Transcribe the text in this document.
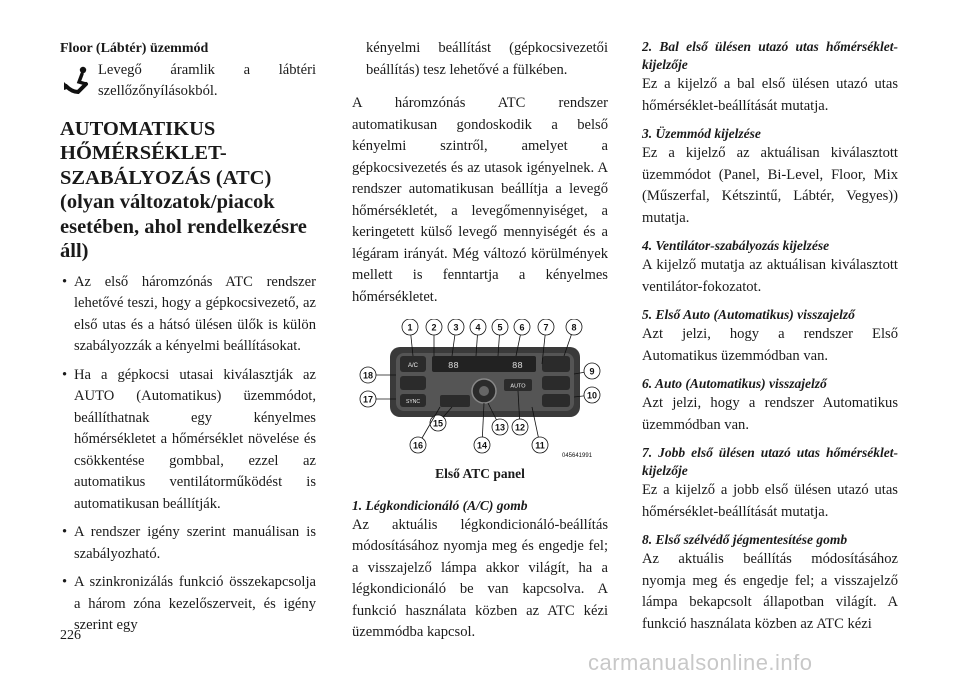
Floor (Lábtér) üzemmód
Levegő áramlik a lábtéri szellőzőnyílásokból.
AUTOMATIKUS HŐMÉRSÉKLET-SZABÁLYOZÁS (ATC) (olyan változatok/piacok esetében, ahol rendelkezésre áll)
• Az első háromzónás ATC rendszer lehetővé teszi, hogy a gépkocsivezető, az első utas és a hátsó ülésen ülők is külön szabályozzák a kényelmi beállításokat.
• Ha a gépkocsi utasai kiválasztják az AUTO (Automatikus) üzemmódot, beállíthatnak egy kényelmes hőmérsékletet a hőmérséklet növelése és csökkentése gombbal, ezzel az automatikus ventilátorműködést is automatikusan beállítják.
• A rendszer igény szerint manuálisan is szabályozható.
• A szinkronizálás funkció összekapcsolja a három zóna kezelőszerveit, és igény szerint egy
kényelmi beállítást (gépkocsivezetői beállítás) tesz lehetővé a fülkében.

A háromzónás ATC rendszer automatikusan gondoskodik a belső kényelmi szintről, amelyet a gépkocsivezetés és az utasok igényelnek. A rendszer automatikusan beállítja a levegő hőmérsékletét, a levegőmennyiséget, a keringetett külső levegő mennyiségét és a légáram irányát. Még változó körülmények mellett is fenntartja a kényelmes hőmérsékletet.

A/C
SYNC
88	88
AUTO
1 2 3 4 5 6 7	8
9
10
11
12
13
14
15
16
17
18
045641991
Első ATC panel

1. Légkondicionáló (A/C) gomb

Az aktuális légkondicionáló-beállítás módosításához nyomja meg és engedje fel; a visszajelző lámpa akkor világít, ha a légkondicionáló be van kapcsolva. A funkció használata közben az ATC kézi üzemmódba kapcsol.

2. Bal első ülésen utazó utas hőmérséklet-kijelzője

Ez a kijelző a bal első ülésen utazó utas hőmérséklet-beállítását mutatja.

3. Üzemmód kijelzése

Ez a kijelző az aktuálisan kiválasztott üzemmódot (Panel, Bi-Level, Floor, Mix (Műszerfal, Kétszintű, Lábtér, Vegyes)) mutatja.

4. Ventilátor-szabályozás kijelzése

A kijelző mutatja az aktuálisan kiválasztott ventilátor-fokozatot.

5. Első Auto (Automatikus) visszajelző

Azt jelzi, hogy a rendszer Első Automatikus üzemmódban van.

6. Auto (Automatikus) visszajelző

Azt jelzi, hogy a rendszer Automatikus üzemmódban van.

7. Jobb első ülésen utazó utas hőmérséklet-kijelzője

Ez a kijelző a jobb első ülésen utazó utas hőmérséklet-beállítását mutatja.

8. Első szélvédő jégmentesítése gomb

Az aktuális beállítás módosításához nyomja meg és engedje fel; a visszajelző lámpa bekapcsolt állapotban világít. A funkció használata közben az ATC kézi

226
carmanualsonline.info
